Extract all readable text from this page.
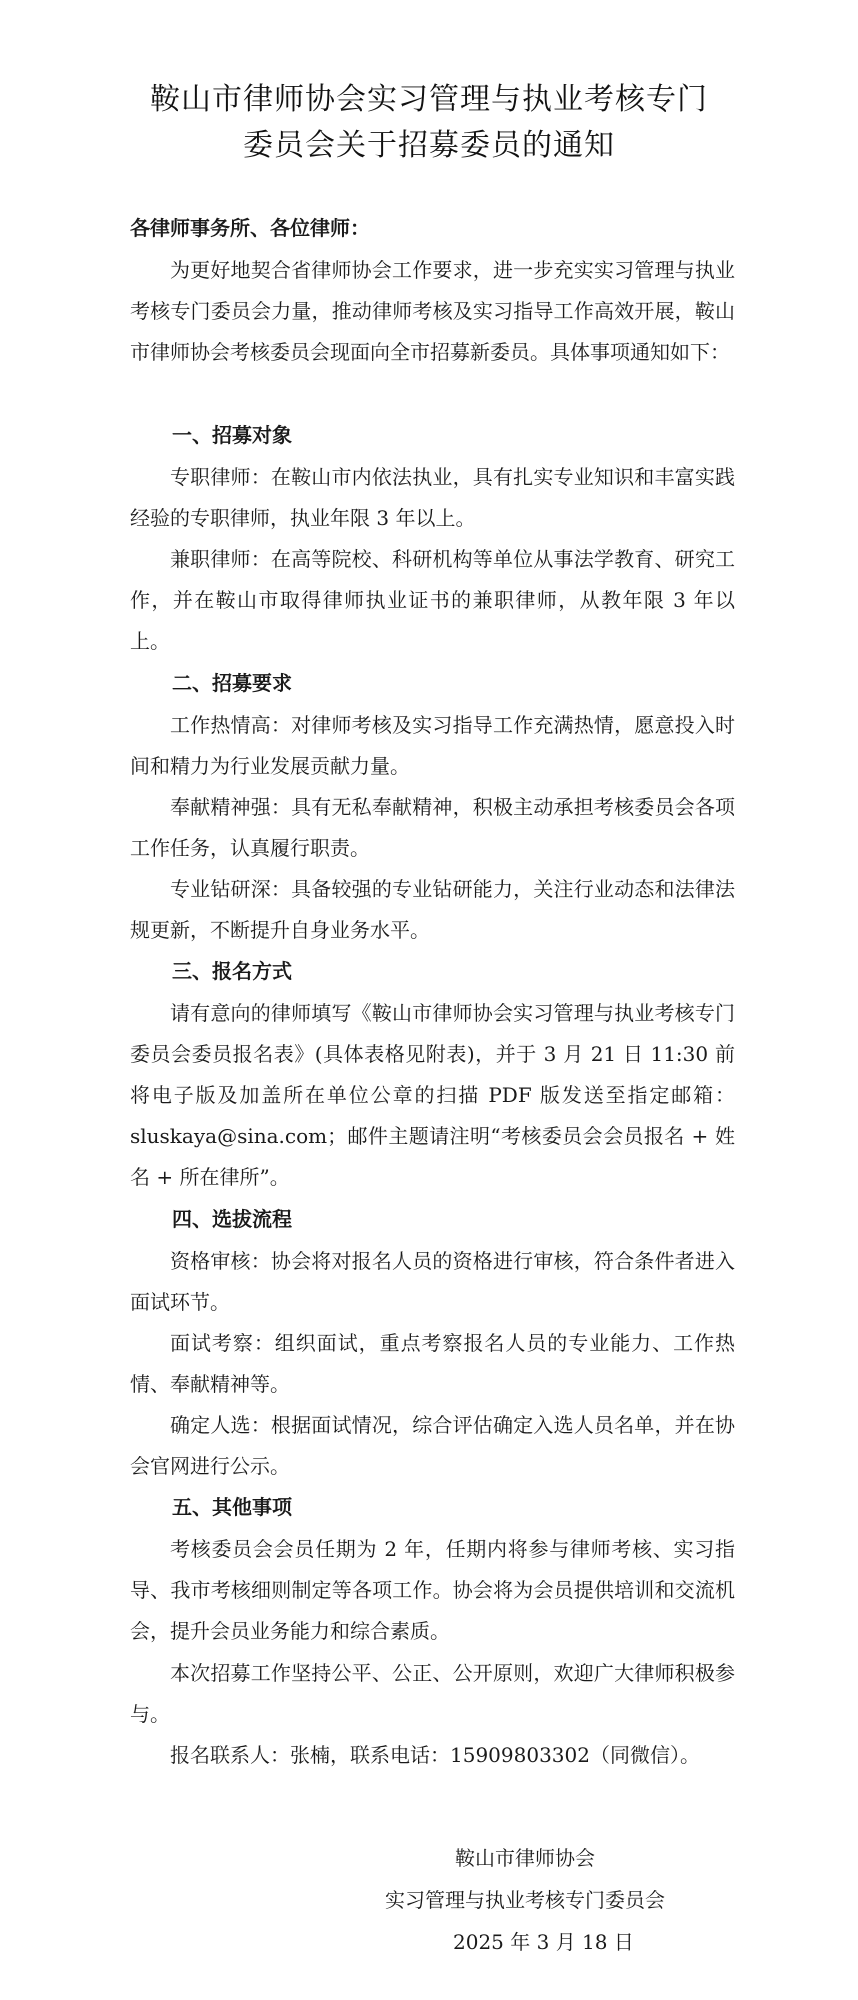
鞍山市律师协会实习管理与执业考核专门
委员会关于招募委员的通知
各律师事务所、各位律师：
为更好地契合省律师协会工作要求，进一步充实实习管理与执业考核专门委员会力量，推动律师考核及实习指导工作高效开展，鞍山市律师协会考核委员会现面向全市招募新委员。具体事项通知如下：
一、招募对象
专职律师：在鞍山市内依法执业，具有扎实专业知识和丰富实践经验的专职律师，执业年限 3 年以上。
兼职律师：在高等院校、科研机构等单位从事法学教育、研究工作，并在鞍山市取得律师执业证书的兼职律师，从教年限 3 年以上。
二、招募要求
工作热情高：对律师考核及实习指导工作充满热情，愿意投入时间和精力为行业发展贡献力量。
奉献精神强：具有无私奉献精神，积极主动承担考核委员会各项工作任务，认真履行职责。
专业钻研深：具备较强的专业钻研能力，关注行业动态和法律法规更新，不断提升自身业务水平。
三、报名方式
请有意向的律师填写《鞍山市律师协会实习管理与执业考核专门委员会委员报名表》(具体表格见附表)，并于 3 月 21 日 11:30 前将电子版及加盖所在单位公章的扫描 PDF 版发送至指定邮箱：sluskaya@sina.com；邮件主题请注明“考核委员会会员报名 + 姓名 + 所在律所”。
四、选拔流程
资格审核：协会将对报名人员的资格进行审核，符合条件者进入面试环节。
面试考察：组织面试，重点考察报名人员的专业能力、工作热情、奉献精神等。
确定人选：根据面试情况，综合评估确定入选人员名单，并在协会官网进行公示。
五、其他事项
考核委员会会员任期为 2 年，任期内将参与律师考核、实习指导、我市考核细则制定等各项工作。协会将为会员提供培训和交流机会，提升会员业务能力和综合素质。
本次招募工作坚持公平、公正、公开原则，欢迎广大律师积极参与。
报名联系人：张楠，联系电话：15909803302（同微信）。
鞍山市律师协会
实习管理与执业考核专门委员会
2025 年 3 月 18 日
